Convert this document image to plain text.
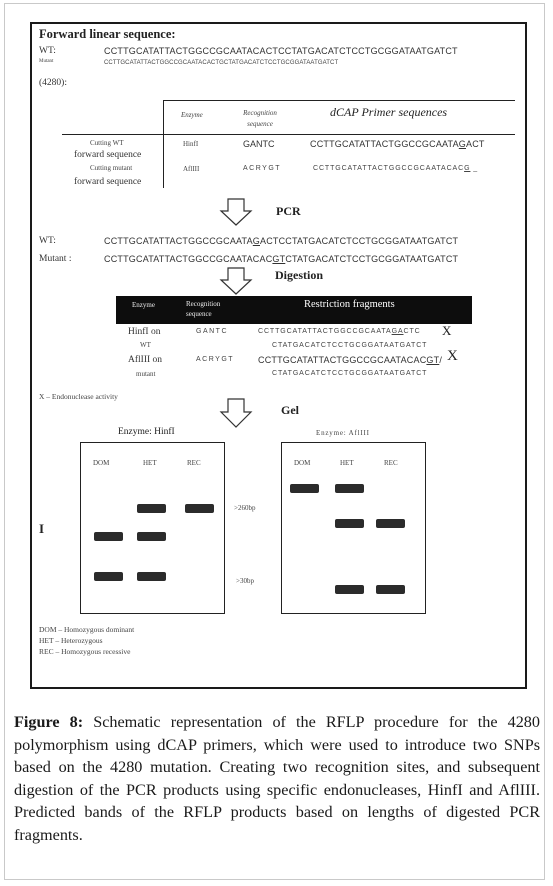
Forward linear sequence:
WT:	CCTTGCATATTACTGGCCGCAATACACTCCTATGACATCTCCTGCGGATAATGATCT
Mutant	CCTTGCATATTACTGGCCGCAATACACTGCTATGACATCTCCTGCGGATAATGATCT
(4280):
Enzyme	Recognition sequence
dCAP Primer sequences
Cutting WT
forward sequence
HinfI	GANTC	CCTTGCATATTACTGGCCGCAATAGACT
Cutting mutant
forward sequence
AflIII	ACRYGT	CCTTGCATATTACTGGCCGCAATACACG _
PCR
WT:	CCTTGCATATTACTGGCCGCAATAGACTCCTATGACATCTCCTGCGGATAATGATCT
Mutant :	CCTTGCATATTACTGGCCGCAATACACGTCTATGACATCTCCTGCGGATAATGATCT
Digestion
Enzyme	Recognition sequence
Restriction fragments
HinfI on
WT
GANTC	CCTTGCATATTACTGGCCGCAATAGACTC X
CTATGACATCTCCTGCGGATAATGATCT
AflIII on
mutant
ACRYGT	CCTTGCATATTACTGGCCGCAATACACGT/ X
CTATGACATCTCCTGCGGATAATGATCT
X – Endonuclease activity
Gel
Enzyme: HinfI	Enzyme: AflIII
I
DOM	HET	REC
>260bp
>30bp
DOM	HET	REC
DOM – Homozygous dominant
HET – Heterozygous
REC – Homozygous recessive
Figure 8: Schematic representation of the RFLP procedure for the 4280 polymorphism using dCAP primers, which were used to introduce two SNPs based on the 4280 mutation. Creating two recognition sites, and subsequent digestion of the PCR products using specific endonucleases, HinfI and AflIII. Predicted bands of the RFLP products based on lengths of digested PCR fragments.
